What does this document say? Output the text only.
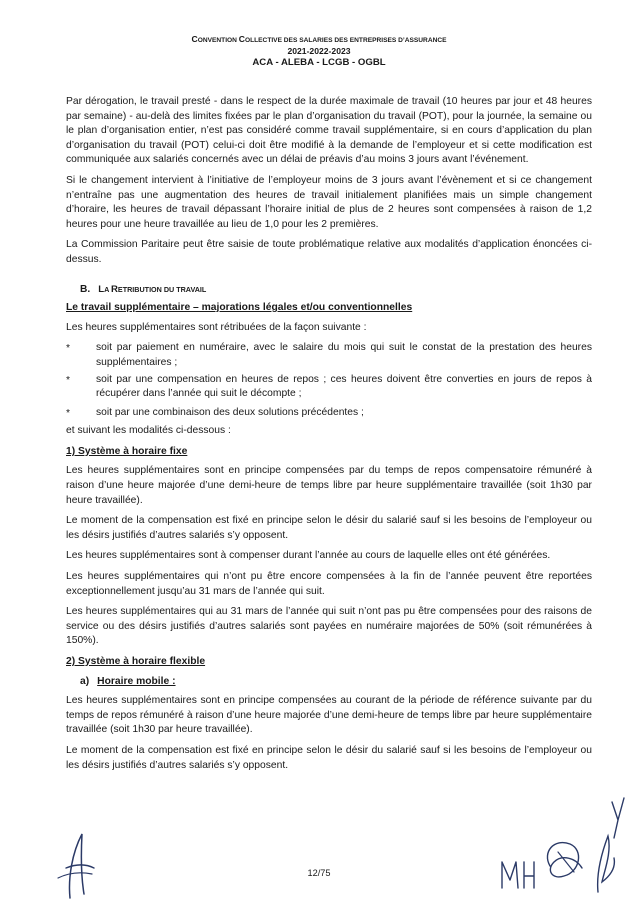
CONVENTION COLLECTIVE DES SALARIES DES ENTREPRISES D’ASSURANCE
2021-2022-2023
ACA - ALEBA - LCGB - OGBL

Par dérogation, le travail presté - dans le respect de la durée maximale de travail (10 heures par jour et 48 heures par semaine) - au-delà des limites fixées par le plan d’organisation du travail (POT), pour la journée, la semaine ou le plan d’organisation entier, n’est pas considéré comme travail supplémentaire, si en cours d’application du plan d’organisation du travail (POT) celui-ci doit être modifié à la demande de l’employeur et si cette modification est communiquée aux salariés concernés avec un délai de préavis d’au moins 3 jours avant l’événement.

Si le changement intervient à l’initiative de l’employeur moins de 3 jours avant l’évènement et si ce changement n’entraîne pas une augmentation des heures de travail initialement planifiées mais un simple changement d’horaire, les heures de travail dépassant l’horaire initial de plus de 2 heures sont compensées à raison de 1,2 heures pour une heure travaillée au lieu de 1,0 pour les 2 premières.

La Commission Paritaire peut être saisie de toute problématique relative aux modalités d’application énoncées ci-dessus.

B. LA RETRIBUTION DU TRAVAIL
Le travail supplémentaire – majorations légales et/ou conventionnelles

Les heures supplémentaires sont rétribuées de la façon suivante :

*	soit par paiement en numéraire, avec le salaire du mois qui suit le constat de la prestation des heures supplémentaires ;
*	soit par une compensation en heures de repos ; ces heures doivent être converties en jours de repos à récupérer dans l’année qui suit le décompte ;
*	soit par une combinaison des deux solutions précédentes ;

et suivant les modalités ci-dessous :

1) Système à horaire fixe

Les heures supplémentaires sont en principe compensées par du temps de repos compensatoire rémunéré à raison d’une heure majorée d’une demi-heure de temps libre par heure supplémentaire travaillée (soit 1h30 par heure travaillée).

Le moment de la compensation est fixé en principe selon le désir du salarié sauf si les besoins de l’employeur ou les désirs justifiés d’autres salariés s’y opposent.

Les heures supplémentaires sont à compenser durant l’année au cours de laquelle elles ont été générées.

Les heures supplémentaires qui n’ont pu être encore compensées à la fin de l’année peuvent être reportées exceptionnellement jusqu’au 31 mars de l’année qui suit.

Les heures supplémentaires qui au 31 mars de l’année qui suit n’ont pas pu être compensées pour des raisons de service ou des désirs justifiés d’autres salariés sont payées en numéraire majorées de 50% (soit rémunérées à 150%).

2) Système à horaire flexible
a) Horaire mobile :

Les heures supplémentaires sont en principe compensées au courant de la période de référence suivante par du temps de repos rémunéré à raison d’une heure majorée d’une demi-heure de temps libre par heure supplémentaire travaillée (soit 1h30 par heure travaillée).

Le moment de la compensation est fixé en principe selon le désir du salarié sauf si les besoins de l’employeur ou les désirs justifiés d’autres salariés s’y opposent.

12/75
